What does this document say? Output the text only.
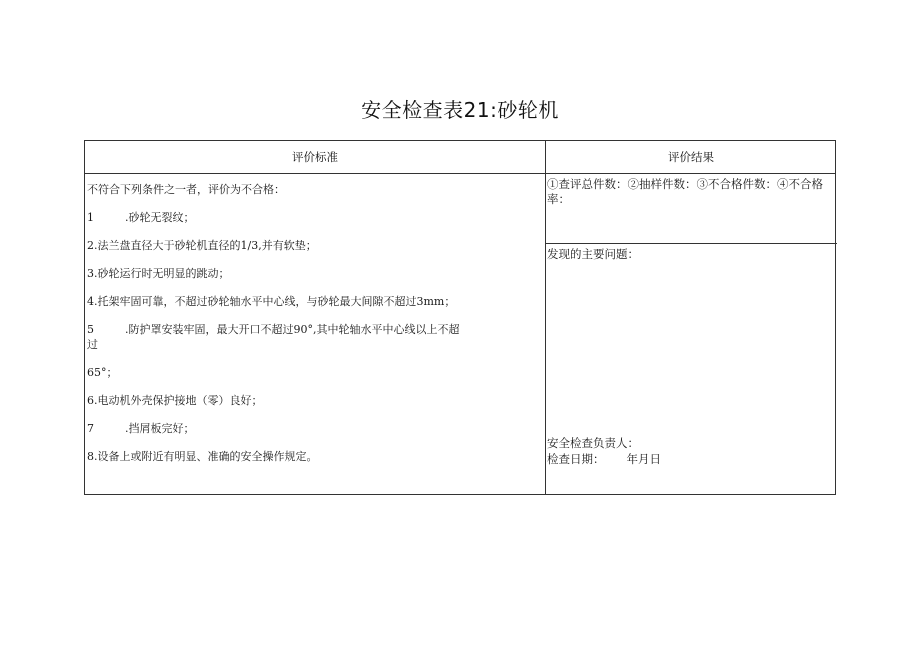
安全检查表21:砂轮机
评价标准	评价结果
不符合下列条件之一者，评价为不合格：
1	.砂轮无裂纹；
2.法兰盘直径大于砂轮机直径的1/3,并有软垫；
3.砂轮运行时无明显的跳动；
4.托架牢固可靠，不超过砂轮轴水平中心线，与砂轮最大间隙不超过3mm；
5	.防护罩安装牢固，最大开口不超过90°,其中轮轴水平中心线以上不超
过
65°；
6.电动机外壳保护接地（零）良好；
7	.挡屑板完好；
8.设备上或附近有明显、准确的安全操作规定。
①查评总件数：②抽样件数：③不合格件数：④不合格率：
发现的主要问题：
安全检查负责人：
检查日期： 年月日
